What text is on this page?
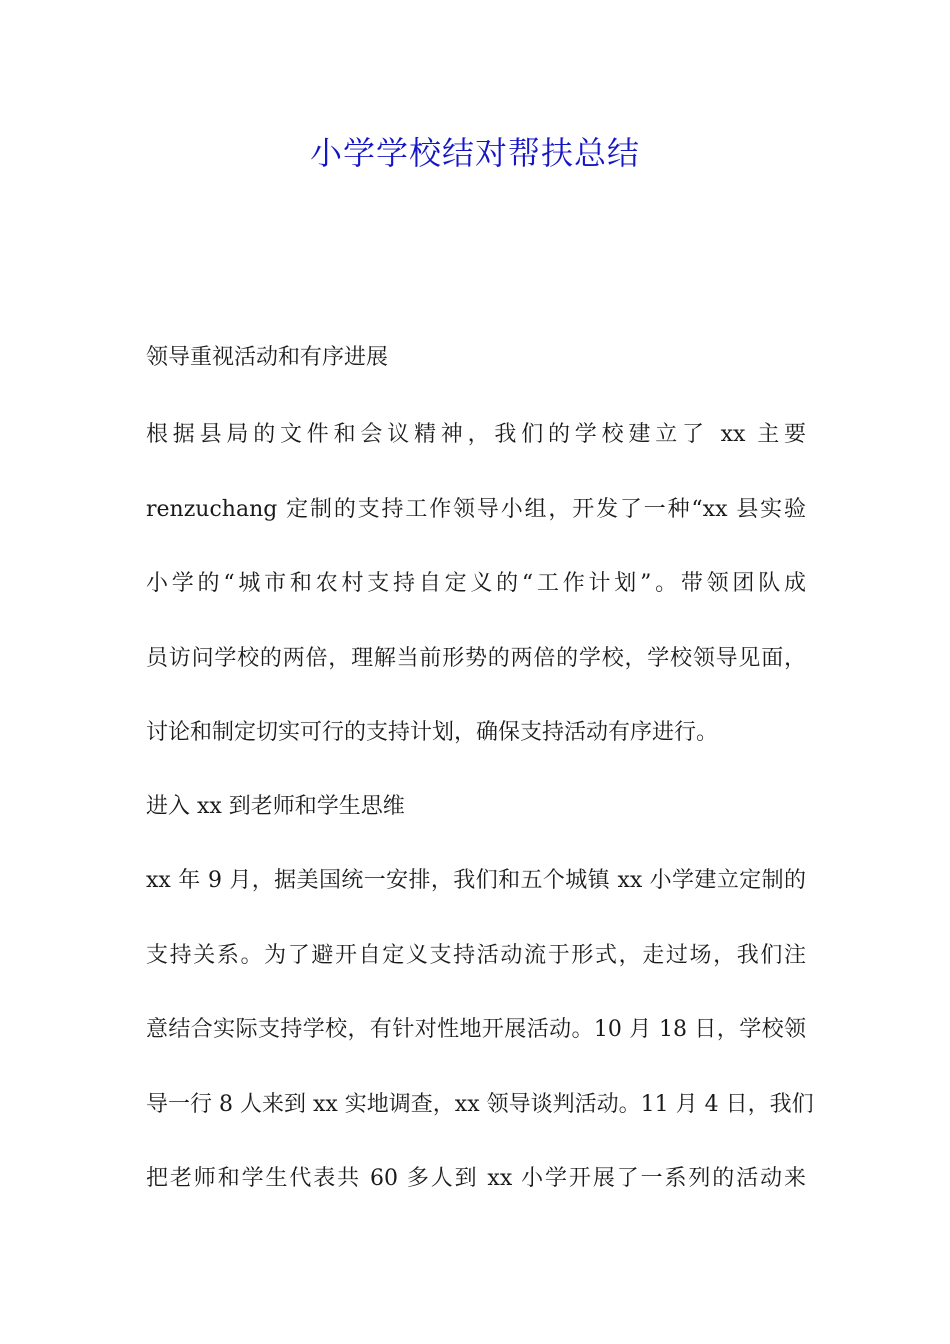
小学学校结对帮扶总结

领导重视活动和有序进展

根据县局的文件和会议精神，我们的学校建立了 xx 主要

renzuchang 定制的支持工作领导小组，开发了一种“xx 县实验

小学的“城市和农村支持自定义的“工作计划”。带领团队成

员访问学校的两倍，理解当前形势的两倍的学校，学校领导见面，

讨论和制定切实可行的支持计划，确保支持活动有序进行。

进入 xx 到老师和学生思维

xx 年 9 月，据美国统一安排，我们和五个城镇 xx 小学建立定制的

支持关系。为了避开自定义支持活动流于形式，走过场，我们注

意结合实际支持学校，有针对性地开展活动。10 月 18 日，学校领

导一行 8 人来到 xx 实地调查，xx 领导谈判活动。11 月 4 日，我们

把老师和学生代表共 60 多人到 xx 小学开展了一系列的活动来
